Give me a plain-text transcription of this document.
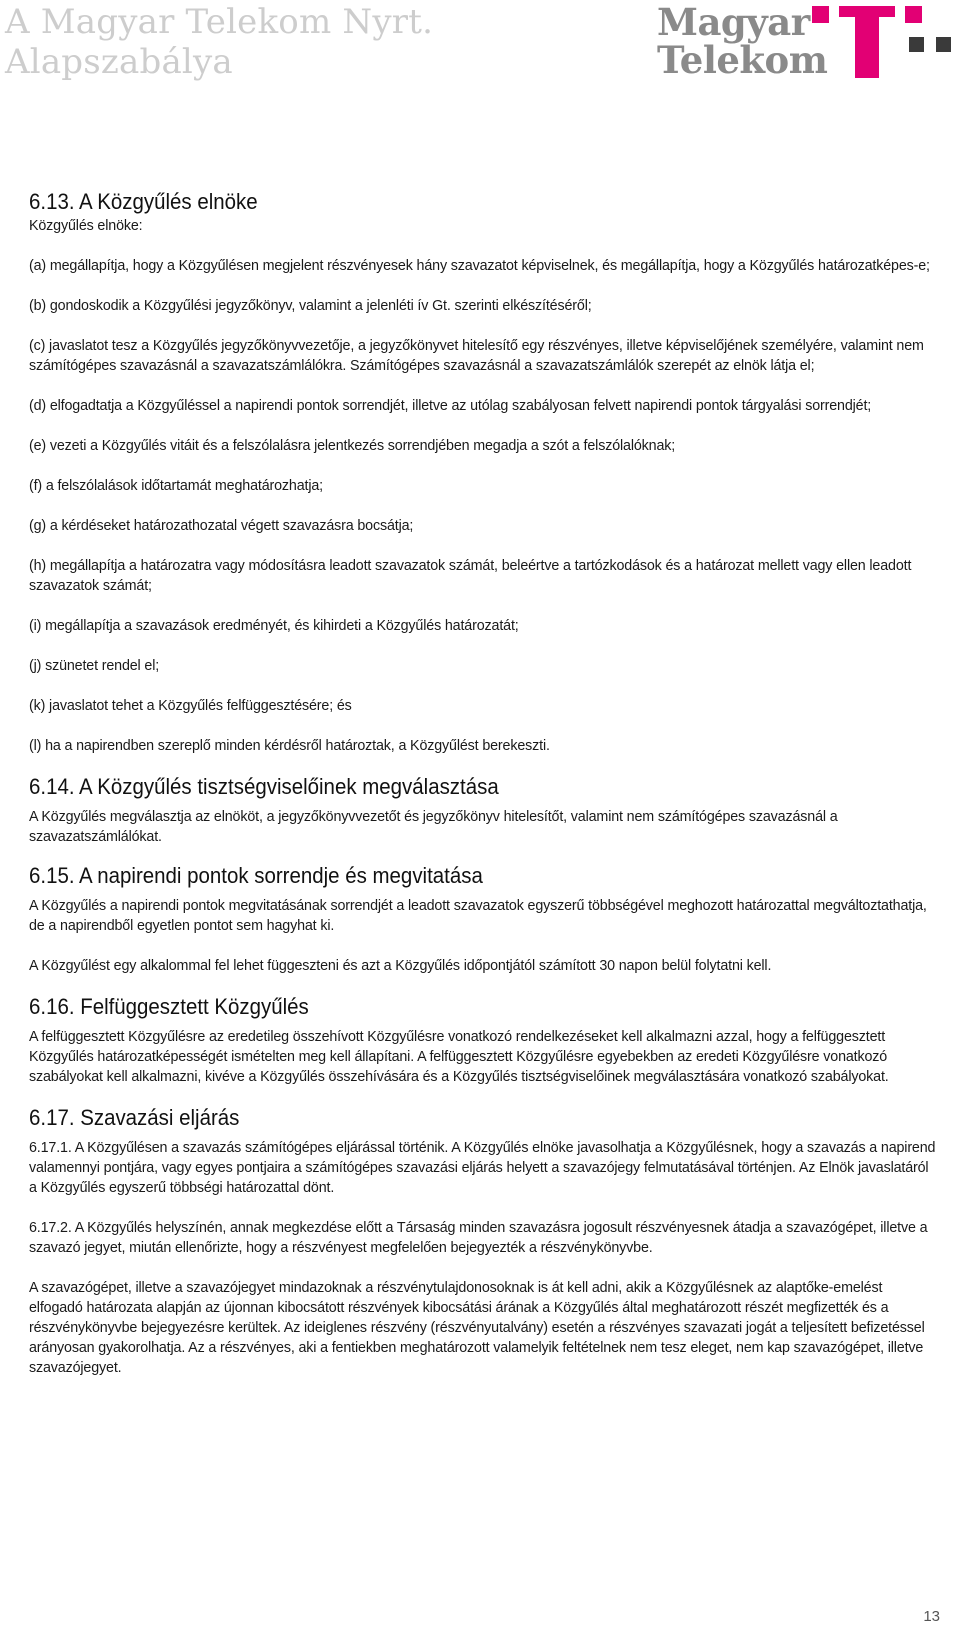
A Magyar Telekom Nyrt.
Alapszabálya
Magyar
Telekom
6.13. A Közgyűlés elnöke

Közgyűlés elnöke:

(a) megállapítja, hogy a Közgyűlésen megjelent részvényesek hány szavazatot képviselnek, és megállapítja, hogy a Közgyűlés határozatképes-e;

(b) gondoskodik a Közgyűlési jegyzőkönyv, valamint a jelenléti ív Gt. szerinti elkészítéséről;

(c) javaslatot tesz a Közgyűlés jegyzőkönyvvezetője, a jegyzőkönyvet hitelesítő egy részvényes, illetve képviselőjének személyére, valamint nem számítógépes szavazásnál a szavazatszámlálókra. Számítógépes szavazásnál a szavazatszámlálók szerepét az elnök látja el;

(d) elfogadtatja a Közgyűléssel a napirendi pontok sorrendjét, illetve az utólag szabályosan felvett napirendi pontok tárgyalási sorrendjét;

(e) vezeti a Közgyűlés vitáit és a felszólalásra jelentkezés sorrendjében megadja a szót a felszólalóknak;

(f) a felszólalások időtartamát meghatározhatja;

(g) a kérdéseket határozathozatal végett szavazásra bocsátja;

(h) megállapítja a határozatra vagy módosításra leadott szavazatok számát, beleértve a tartózkodások és a határozat mellett vagy ellen leadott szavazatok számát;

(i) megállapítja a szavazások eredményét, és kihirdeti a Közgyűlés határozatát;

(j) szünetet rendel el;

(k) javaslatot tehet a Közgyűlés felfüggesztésére; és

(l) ha a napirendben szereplő minden kérdésről határoztak, a Közgyűlést berekeszti.

6.14. A Közgyűlés tisztségviselőinek megválasztása

A Közgyűlés megválasztja az elnököt, a jegyzőkönyvvezetőt és jegyzőkönyv hitelesítőt, valamint nem számítógépes szavazásnál a szavazatszámlálókat.

6.15. A napirendi pontok sorrendje és megvitatása

A Közgyűlés a napirendi pontok megvitatásának sorrendjét a leadott szavazatok egyszerű többségével meghozott határozattal megváltoztathatja, de a napirendből egyetlen pontot sem hagyhat ki.

A Közgyűlést egy alkalommal fel lehet függeszteni és azt a Közgyűlés időpontjától számított 30 napon belül folytatni kell.

6.16. Felfüggesztett Közgyűlés

A felfüggesztett Közgyűlésre az eredetileg összehívott Közgyűlésre vonatkozó rendelkezéseket kell alkalmazni azzal, hogy a felfüggesztett Közgyűlés határozatképességét ismételten meg kell állapítani. A felfüggesztett Közgyűlésre egyebekben az eredeti Közgyűlésre vonatkozó szabályokat kell alkalmazni, kivéve a Közgyűlés összehívására és a Közgyűlés tisztségviselőinek megválasztására vonatkozó szabályokat.

6.17. Szavazási eljárás

6.17.1. A Közgyűlésen a szavazás számítógépes eljárással történik. A Közgyűlés elnöke javasolhatja a Közgyűlésnek, hogy a szavazás a napirend valamennyi pontjára, vagy egyes pontjaira a számítógépes szavazási eljárás helyett a szavazójegy felmutatásával történjen. Az Elnök javaslatáról a Közgyűlés egyszerű többségi határozattal dönt.

6.17.2. A Közgyűlés helyszínén, annak megkezdése előtt a Társaság minden szavazásra jogosult részvényesnek átadja a szavazógépet, illetve a szavazó jegyet, miután ellenőrizte, hogy a részvényest megfelelően bejegyezték a részvénykönyvbe.

A szavazógépet, illetve a szavazójegyet mindazoknak a részvénytulajdonosoknak is át kell adni, akik a Közgyűlésnek az alaptőke-emelést elfogadó határozata alapján az újonnan kibocsátott részvények kibocsátási árának a Közgyűlés által meghatározott részét megfizették és a részvénykönyvbe bejegyezésre kerültek. Az ideiglenes részvény (részvényutalvány) esetén a részvényes szavazati jogát a teljesített befizetéssel arányosan gyakorolhatja. Az a részvényes, aki a fentiekben meghatározott valamelyik feltételnek nem tesz eleget, nem kap szavazógépet, illetve szavazójegyet.

13
